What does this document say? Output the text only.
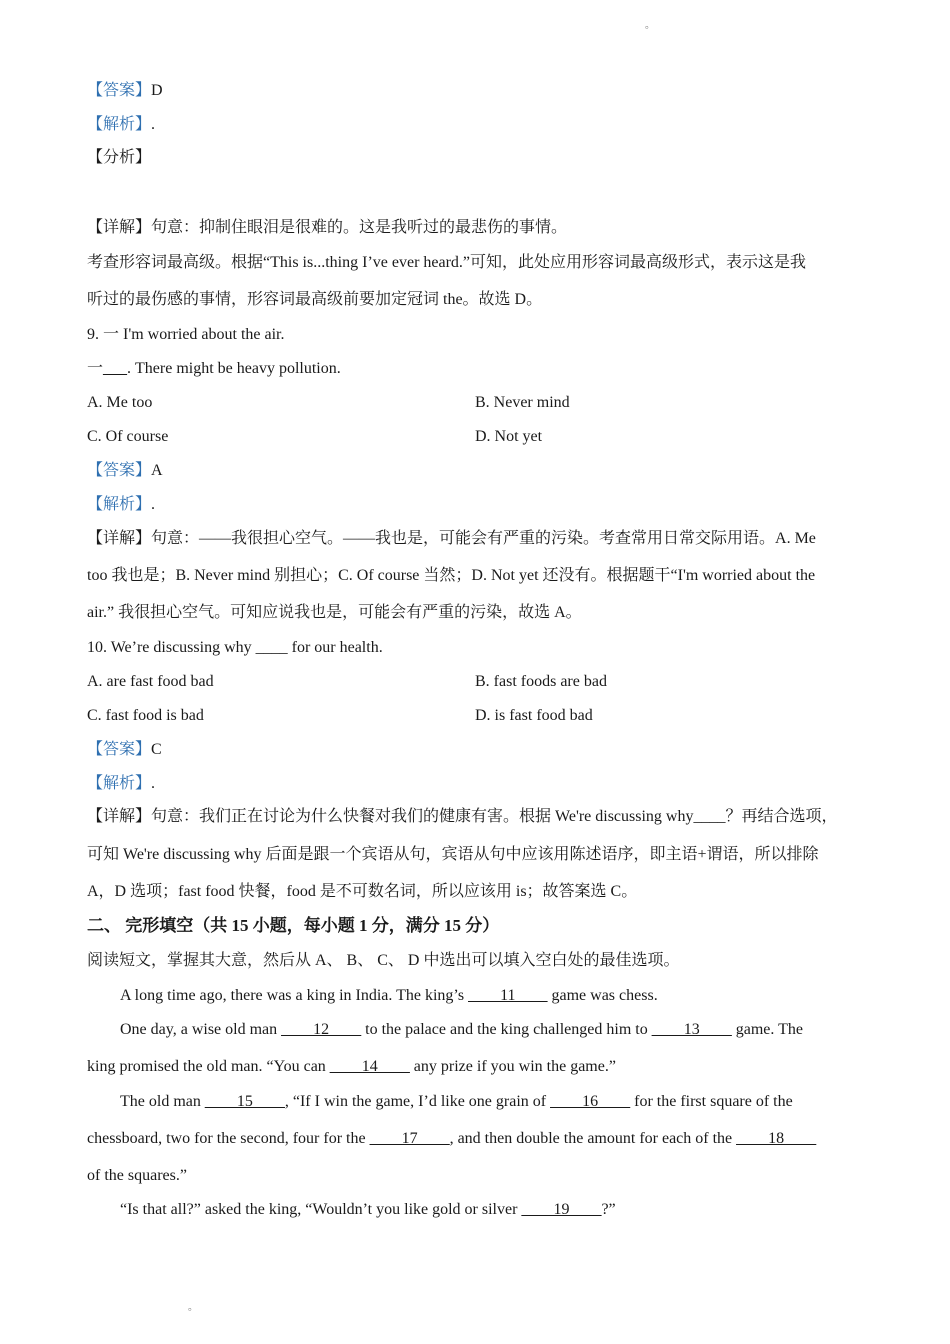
。
【答案】D
【解析】.
【分析】
【详解】句意：抑制住眼泪是很难的。这是我听过的最悲伤的事情。
考查形容词最高级。根据“This is...thing I’ve ever heard.”可知，此处应用形容词最高级形式，表示这是我
听过的最伤感的事情，形容词最高级前要加定冠词 the。故选 D。
9. 一 I'm worried about the air.
一___. There might be heavy pollution.
A. Me too	B. Never mind
C. Of course	D. Not yet
【答案】A
【解析】.
【详解】句意：——我很担心空气。——我也是，可能会有严重的污染。考查常用日常交际用语。A. Me
too 我也是；B. Never mind 别担心；C. Of course 当然；D. Not yet 还没有。根据题干“I'm worried about the
air.” 我很担心空气。可知应说我也是，可能会有严重的污染，故选 A。
10. We’re discussing why ____ for our health.
A. are fast food bad	B. fast foods are bad
C. fast food is bad	D. is fast food bad
【答案】C
【解析】.
【详解】句意：我们正在讨论为什么快餐对我们的健康有害。根据 We're discussing why____？再结合选项，
可知 We're discussing why 后面是跟一个宾语从句，宾语从句中应该用陈述语序，即主语+谓语，所以排除
A，D 选项；fast food 快餐，food 是不可数名词，所以应该用 is；故答案选 C。
二、 完形填空（共 15 小题，每小题 1 分，满分 15 分）
阅读短文，掌握其大意，然后从 A、 B、 C、 D 中选出可以填入空白处的最佳选项。
A long time ago, there was a king in India. The king’s ____11____ game was chess.
One day, a wise old man ____12____ to the palace and the king challenged him to ____13____ game. The
king promised the old man. “You can ____14____ any prize if you win the game.”
The old man ____15____, “If I win the game, I’d like one grain of ____16____ for the first square of the
chessboard, two for the second, four for the ____17____, and then double the amount for each of the ____18____
of the squares.”
“Is that all?” asked the king, “Wouldn’t you like gold or silver ____19____?”
。
